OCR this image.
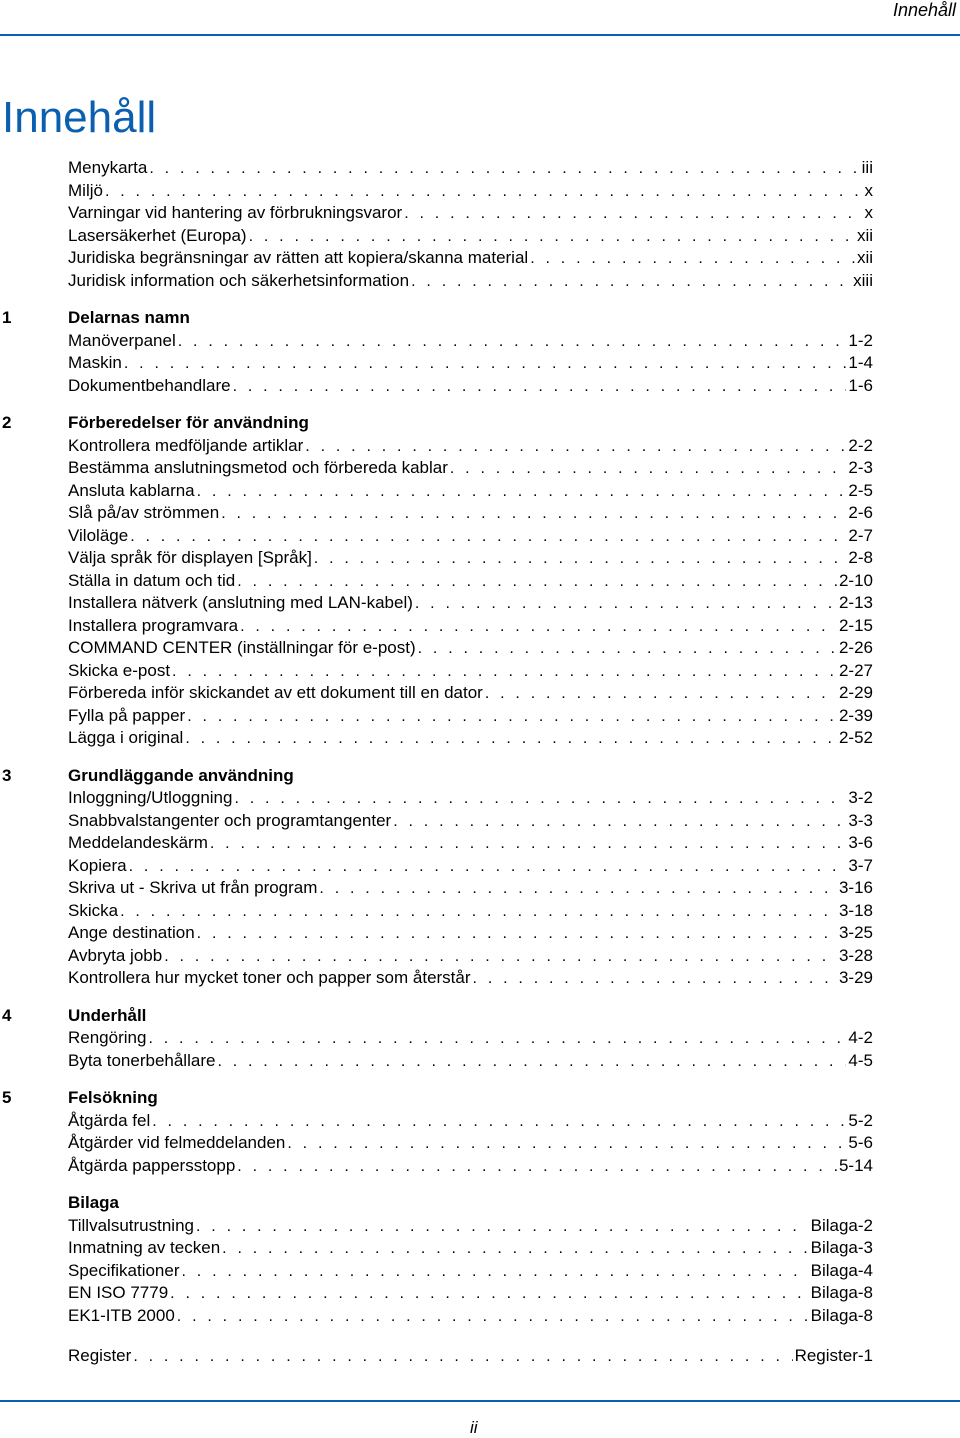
Innehåll
Innehåll
Menykarta . . .	iii
Miljö . . .	x
Varningar vid hantering av förbrukningsvaror . . .	x
Lasersäkerhet (Europa) . . .	xii
Juridiska begränsningar av rätten att kopiera/skanna material . . .	xii
Juridisk information och säkerhetsinformation . . .	xiii
1	Delarnas namn
Manöverpanel . . .	1-2
Maskin . . .	1-4
Dokumentbehandlare . . .	1-6
2	Förberedelser för användning
Kontrollera medföljande artiklar . . .	2-2
Bestämma anslutningsmetod och förbereda kablar . . .	2-3
Ansluta kablarna . . .	2-5
Slå på/av strömmen . . .	2-6
Viloläge . . .	2-7
Välja språk för displayen [Språk] . . .	2-8
Ställa in datum och tid . . .	2-10
Installera nätverk (anslutning med LAN-kabel) . . .	2-13
Installera programvara . . .	2-15
COMMAND CENTER (inställningar för e-post) . . .	2-26
Skicka e-post . . .	2-27
Förbereda inför skickandet av ett dokument till en dator . . .	2-29
Fylla på papper . . .	2-39
Lägga i original . . .	2-52
3	Grundläggande användning
Inloggning/Utloggning . . .	3-2
Snabbvalstangenter och programtangenter . . .	3-3
Meddelandeskärm . . .	3-6
Kopiera . . .	3-7
Skriva ut - Skriva ut från program . . .	3-16
Skicka . . .	3-18
Ange destination . . .	3-25
Avbryta jobb . . .	3-28
Kontrollera hur mycket toner och papper som återstår . . .	3-29
4	Underhåll
Rengöring . . .	4-2
Byta tonerbehållare . . .	4-5
5	Felsökning
Åtgärda fel . . .	5-2
Åtgärder vid felmeddelanden . . .	5-6
Åtgärda pappersstopp . . .	5-14
Bilaga
Tillvalsutrustning . . .	Bilaga-2
Inmatning av tecken . . .	Bilaga-3
Specifikationer . . .	Bilaga-4
EN ISO 7779 . . .	Bilaga-8
EK1-ITB 2000 . . .	Bilaga-8
Register . . .	Register-1
ii
